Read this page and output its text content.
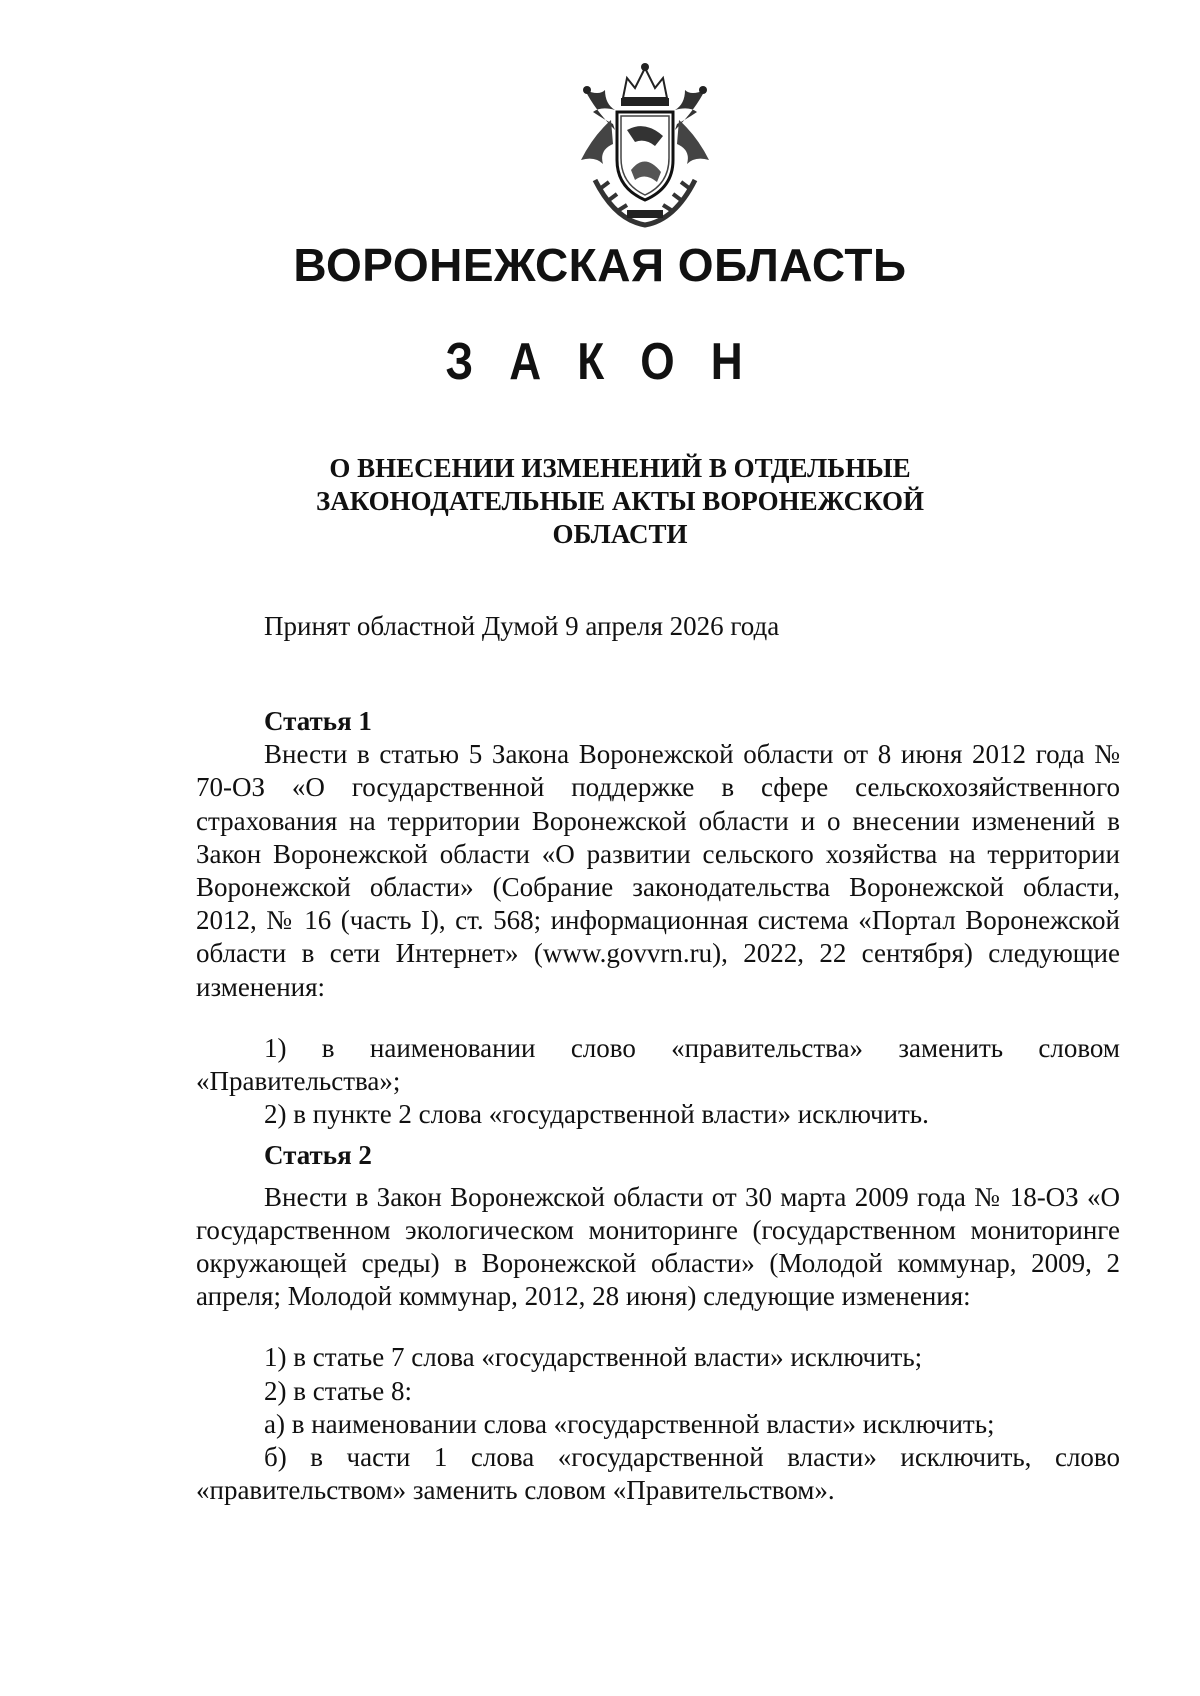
ВОРОНЕЖСКАЯ ОБЛАСТЬ
З А К О Н
О ВНЕСЕНИИ ИЗМЕНЕНИЙ В ОТДЕЛЬНЫЕ ЗАКОНОДАТЕЛЬНЫЕ АКТЫ ВОРОНЕЖСКОЙ ОБЛАСТИ
Принят областной Думой 9 апреля 2026 года
Статья 1

Внести в статью 5 Закона Воронежской области от 8 июня 2012 года № 70-ОЗ «О государственной поддержке в сфере сельскохозяйственного страхования на территории Воронежской области и о внесении изменений в Закон Воронежской области «О развитии сельского хозяйства на территории Воронежской области» (Собрание законодательства Воронежской области, 2012, № 16 (часть I), ст. 568; информационная система «Портал Воронежской области в сети Интернет» (www.govvrn.ru), 2022, 22 сентября) следующие изменения:

1) в наименовании слово «правительства» заменить словом «Правительства»;

2) в пункте 2 слова «государственной власти» исключить.

Статья 2

Внести в Закон Воронежской области от 30 марта 2009 года № 18-ОЗ «О государственном экологическом мониторинге (государственном мониторинге окружающей среды) в Воронежской области» (Молодой коммунар, 2009, 2 апреля; Молодой коммунар, 2012, 28 июня) следующие изменения:

1) в статье 7 слова «государственной власти» исключить;

2) в статье 8:

а) в наименовании слова «государственной власти» исключить;

б) в части 1 слова «государственной власти» исключить, слово «правительством» заменить словом «Правительством».
